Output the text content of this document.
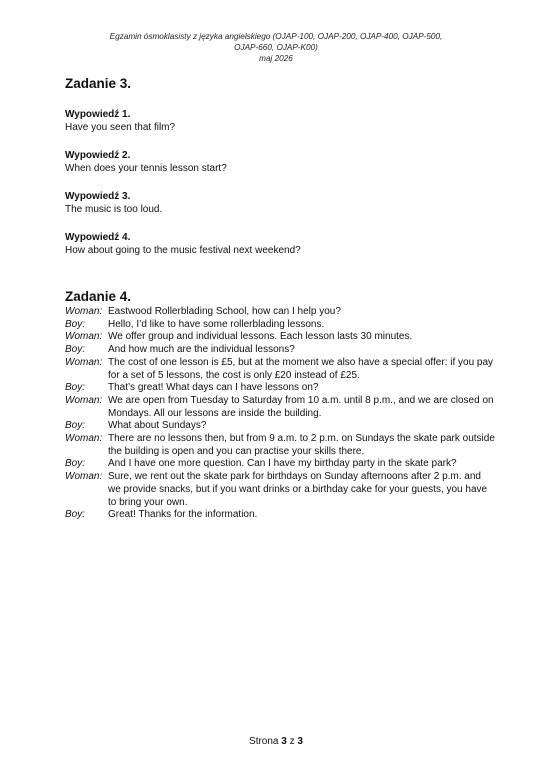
Egzamin ósmoklasisty z języka angielskiego (OJAP-100, OJAP-200, OJAP-400, OJAP-500,
OJAP-660, OJAP-K00)
maj 2026
Zadanie 3.
Wypowiedź 1.
Have you seen that film?
Wypowiedź 2.
When does your tennis lesson start?
Wypowiedź 3.
The music is too loud.
Wypowiedź 4.
How about going to the music festival next weekend?
Zadanie 4.
Woman: Eastwood Rollerblading School, how can I help you?
Boy:	Hello, I’d like to have some rollerblading lessons.
Woman: We offer group and individual lessons. Each lesson lasts 30 minutes.
Boy:	And how much are the individual lessons?
Woman: The cost of one lesson is £5, but at the moment we also have a special offer: if you pay for a set of 5 lessons, the cost is only £20 instead of £25.
Boy:	That’s great! What days can I have lessons on?
Woman: We are open from Tuesday to Saturday from 10 a.m. until 8 p.m., and we are closed on Mondays. All our lessons are inside the building.
Boy:	What about Sundays?
Woman: There are no lessons then, but from 9 a.m. to 2 p.m. on Sundays the skate park outside the building is open and you can practise your skills there.
Boy:	And I have one more question. Can I have my birthday party in the skate park?
Woman: Sure, we rent out the skate park for birthdays on Sunday afternoons after 2 p.m. and we provide snacks, but if you want drinks or a birthday cake for your guests, you have to bring your own.
Boy:	Great! Thanks for the information.
Strona 3 z 3
